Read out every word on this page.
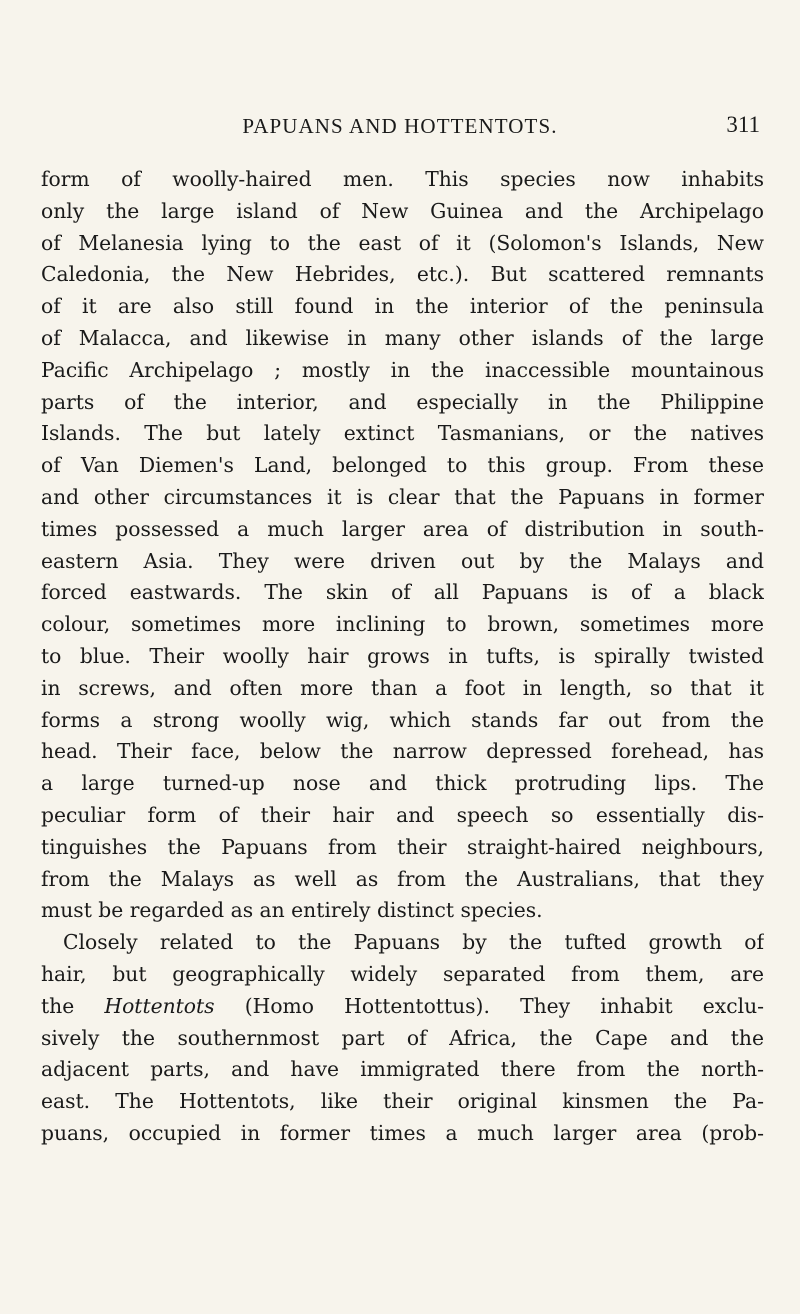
PAPUANS AND HOTTENTOTS.	311
form of woolly-haired men. This species now inhabits
only the large island of New Guinea and the Archipelago
of Melanesia lying to the east of it (Solomon's Islands, New
Caledonia, the New Hebrides, etc.). But scattered remnants
of it are also still found in the interior of the peninsula
of Malacca, and likewise in many other islands of the large
Pacific Archipelago ; mostly in the inaccessible mountainous
parts of the interior, and especially in the Philippine
Islands. The but lately extinct Tasmanians, or the natives
of Van Diemen's Land, belonged to this group. From these
and other circumstances it is clear that the Papuans in former
times possessed a much larger area of distribution in south-
eastern Asia. They were driven out by the Malays and
forced eastwards. The skin of all Papuans is of a black
colour, sometimes more inclining to brown, sometimes more
to blue. Their woolly hair grows in tufts, is spirally twisted
in screws, and often more than a foot in length, so that it
forms a strong woolly wig, which stands far out from the
head. Their face, below the narrow depressed forehead, has
a large turned-up nose and thick protruding lips. The
peculiar form of their hair and speech so essentially dis-
tinguishes the Papuans from their straight-haired neighbours,
from the Malays as well as from the Australians, that they
must be regarded as an entirely distinct species.
Closely related to the Papuans by the tufted growth of
hair, but geographically widely separated from them, are
the Hottentots (Homo Hottentottus). They inhabit exclu-
sively the southernmost part of Africa, the Cape and the
adjacent parts, and have immigrated there from the north-
east. The Hottentots, like their original kinsmen the Pa-
puans, occupied in former times a much larger area (prob-
